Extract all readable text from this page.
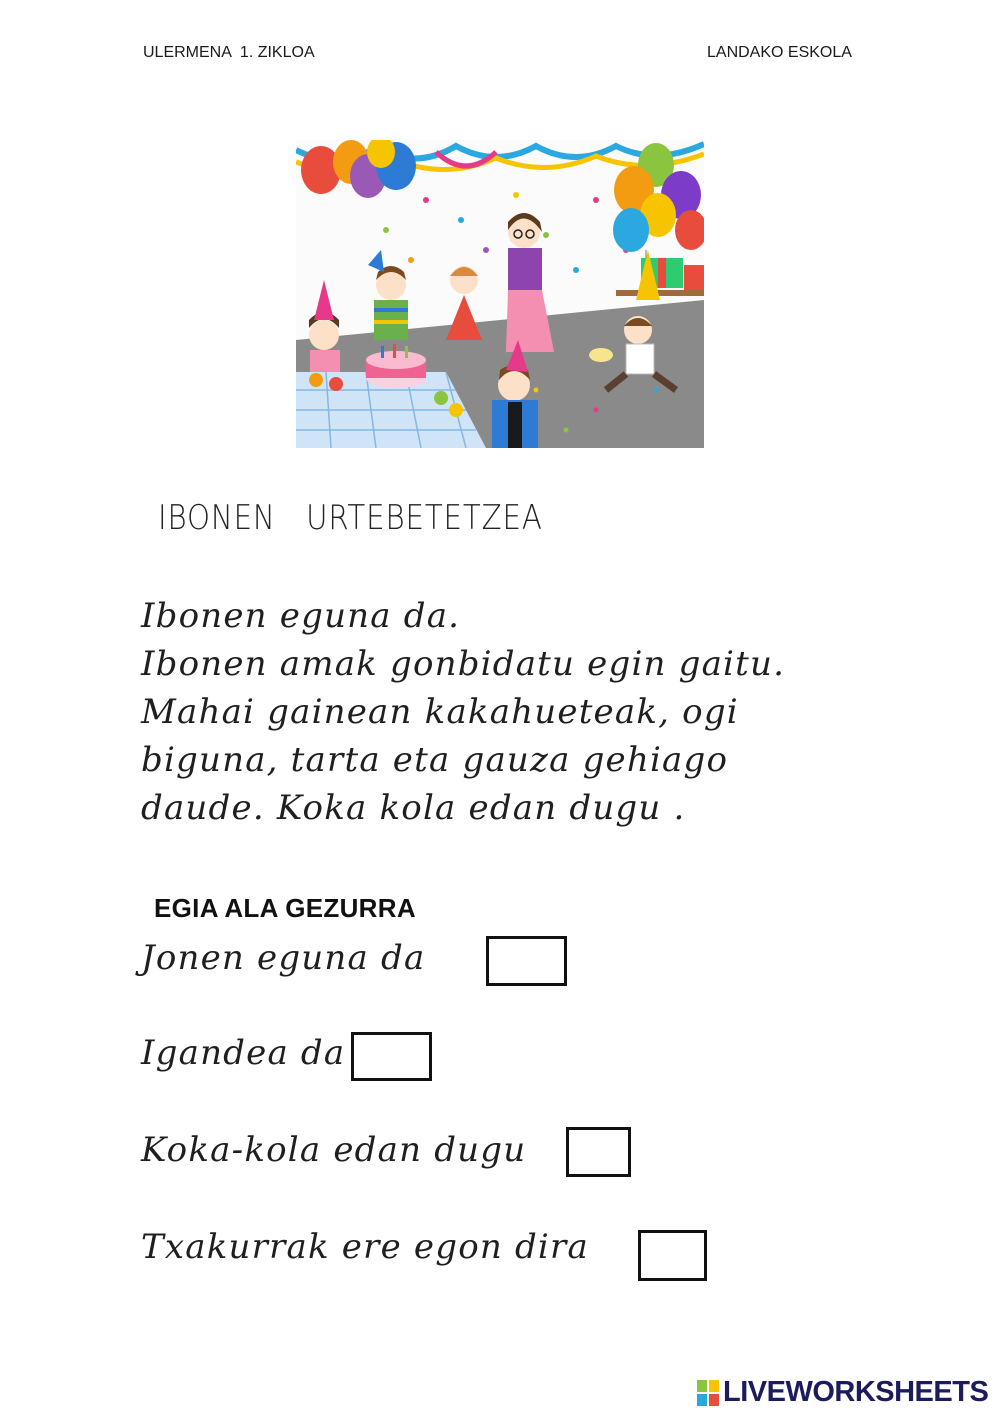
ULERMENA  1. ZIKLOA	LANDAKO ESKOLA
IBONEN   URTEBETETZEA
Ibonen eguna da.
Ibonen amak gonbidatu egin gaitu.
Mahai gainean kakahueteak, ogi
biguna, tarta eta gauza gehiago
daude. Koka kola edan dugu .
EGIA ALA GEZURRA
Jonen eguna da
Igandea da
Koka-kola edan dugu
Txakurrak ere egon dira
LIVEWORKSHEETS
